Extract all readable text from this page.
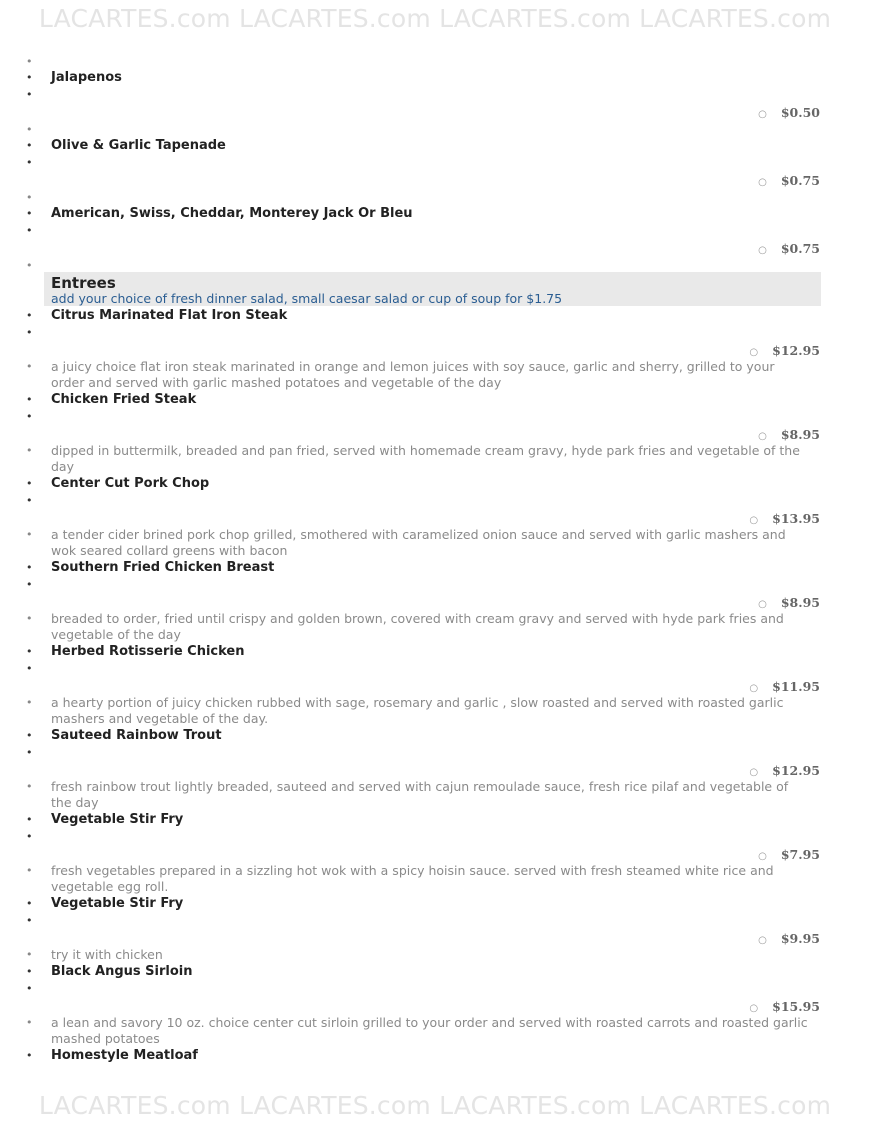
LACARTES.com LACARTES.com LACARTES.com LACARTES.com
•
• Jalapenos
•
○ $0.50
•
• Olive & Garlic Tapenade
•
○ $0.75
•
• American, Swiss, Cheddar, Monterey Jack Or Bleu
•
○ $0.75
•
Entrees
add your choice of fresh dinner salad, small caesar salad or cup of soup for $1.75
• Citrus Marinated Flat Iron Steak
•
○ $12.95
• a juicy choice flat iron steak marinated in orange and lemon juices with soy sauce, garlic and sherry, grilled to your order and served with garlic mashed potatoes and vegetable of the day
• Chicken Fried Steak
•
○ $8.95
• dipped in buttermilk, breaded and pan fried, served with homemade cream gravy, hyde park fries and vegetable of the day
• Center Cut Pork Chop
•
○ $13.95
• a tender cider brined pork chop grilled, smothered with caramelized onion sauce and served with garlic mashers and wok seared collard greens with bacon
• Southern Fried Chicken Breast
•
○ $8.95
• breaded to order, fried until crispy and golden brown, covered with cream gravy and served with hyde park fries and vegetable of the day
• Herbed Rotisserie Chicken
•
○ $11.95
• a hearty portion of juicy chicken rubbed with sage, rosemary and garlic , slow roasted and served with roasted garlic mashers and vegetable of the day.
• Sauteed Rainbow Trout
•
○ $12.95
• fresh rainbow trout lightly breaded, sauteed and served with cajun remoulade sauce, fresh rice pilaf and vegetable of the day
• Vegetable Stir Fry
•
○ $7.95
• fresh vegetables prepared in a sizzling hot wok with a spicy hoisin sauce. served with fresh steamed white rice and vegetable egg roll.
• Vegetable Stir Fry
•
○ $9.95
• try it with chicken
• Black Angus Sirloin
•
○ $15.95
• a lean and savory 10 oz. choice center cut sirloin grilled to your order and served with roasted carrots and roasted garlic mashed potatoes
• Homestyle Meatloaf
LACARTES.com LACARTES.com LACARTES.com LACARTES.com
